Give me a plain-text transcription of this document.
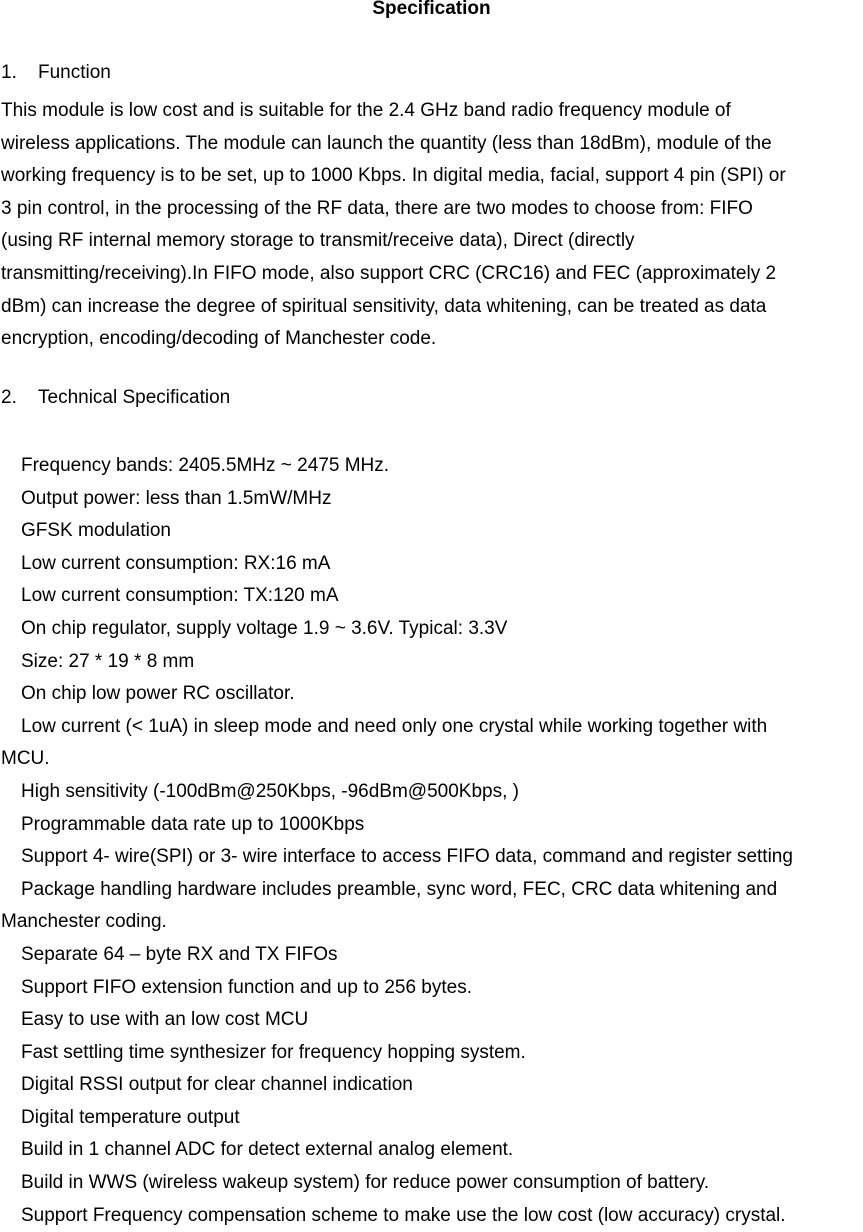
Specification
1. Function
This module is low cost and is suitable for the 2.4 GHz band radio frequency module of
wireless applications. The module can launch the quantity (less than 18dBm), module of the
working frequency is to be set, up to 1000 Kbps. In digital media, facial, support 4 pin (SPI) or
3 pin control, in the processing of the RF data, there are two modes to choose from: FIFO
(using RF internal memory storage to transmit/receive data), Direct (directly
transmitting/receiving).In FIFO mode, also support CRC (CRC16) and FEC (approximately 2
dBm) can increase the degree of spiritual sensitivity, data whitening, can be treated as data
encryption, encoding/decoding of Manchester code.
2. Technical Specification
Frequency bands: 2405.5MHz ~ 2475 MHz.
Output power: less than 1.5mW/MHz
GFSK modulation
Low current consumption: RX:16 mA
Low current consumption: TX:120 mA
On chip regulator, supply voltage 1.9 ~ 3.6V. Typical: 3.3V
Size: 27 * 19 * 8 mm
On chip low power RC oscillator.
Low current (< 1uA) in sleep mode and need only one crystal while working together with
MCU.
High sensitivity (-100dBm@250Kbps, -96dBm@500Kbps, )
Programmable data rate up to 1000Kbps
Support 4- wire(SPI) or 3- wire interface to access FIFO data, command and register setting
Package handling hardware includes preamble, sync word, FEC, CRC data whitening and
Manchester coding.
Separate 64 – byte RX and TX FIFOs
Support FIFO extension function and up to 256 bytes.
Easy to use with an low cost MCU
Fast settling time synthesizer for frequency hopping system.
Digital RSSI output for clear channel indication
Digital temperature output
Build in 1 channel ADC for detect external analog element.
Build in WWS (wireless wakeup system) for reduce power consumption of battery.
Support Frequency compensation scheme to make use the low cost (low accuracy) crystal.
